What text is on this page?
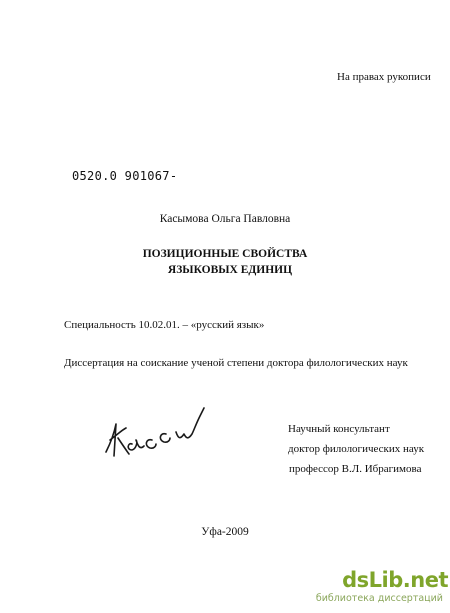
На правах рукописи
0520.0 901067-
Касымова Ольга Павловна
ПОЗИЦИОННЫЕ СВОЙСТВА
ЯЗЫКОВЫХ ЕДИНИЦ
Специальность 10.02.01. – «русский язык»
Диссертация на соискание ученой степени доктора филологических наук
Научный консультант
доктор филологических наук
профессор В.Л. Ибрагимова
Уфа-2009
dsLib.net
библиотека диссертаций
